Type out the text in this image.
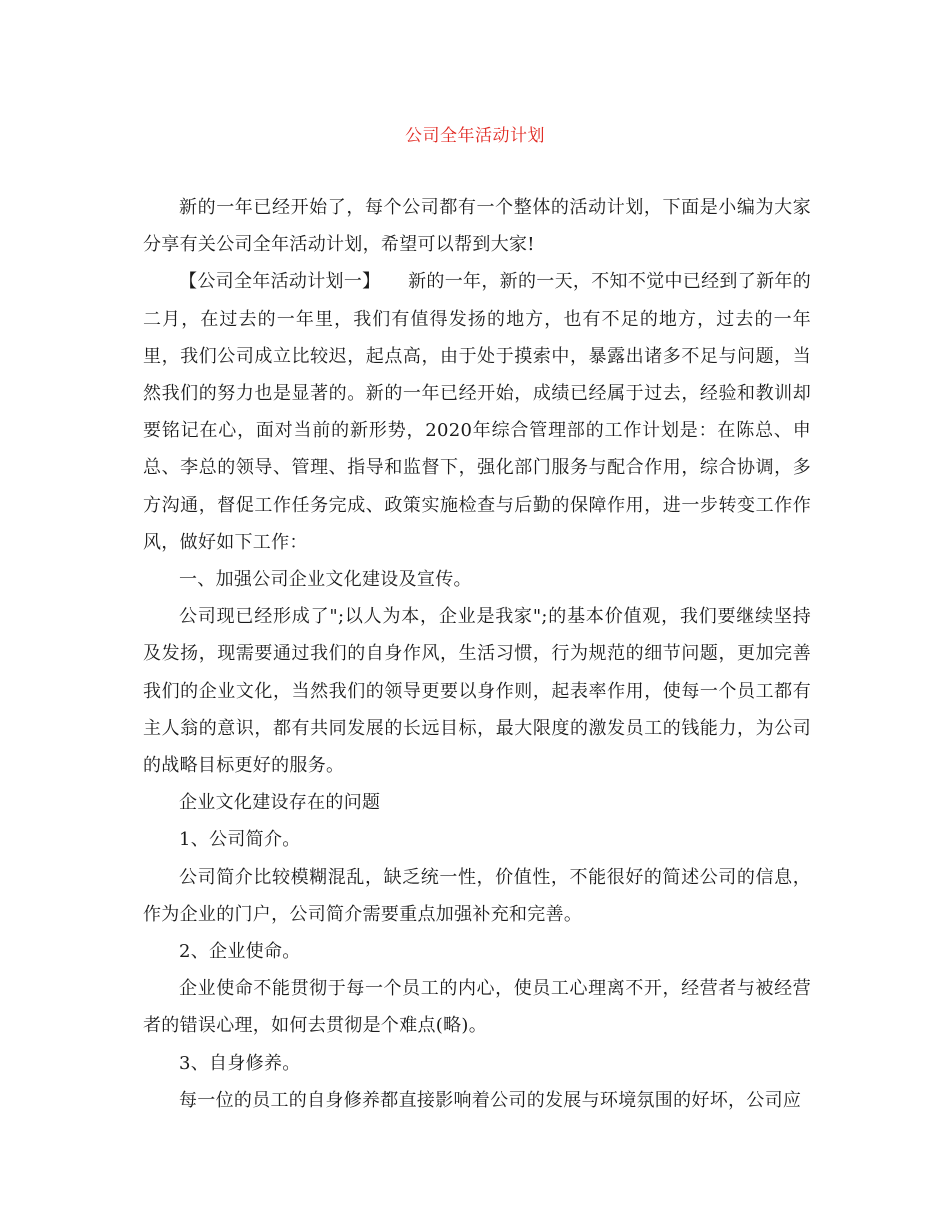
公司全年活动计划

新的一年已经开始了，每个公司都有一个整体的活动计划，下面是小编为大家分享有关公司全年活动计划，希望可以帮到大家!

【公司全年活动计划一】　　新的一年，新的一天，不知不觉中已经到了新年的二月，在过去的一年里，我们有值得发扬的地方，也有不足的地方，过去的一年里，我们公司成立比较迟，起点高，由于处于摸索中，暴露出诸多不足与问题，当然我们的努力也是显著的。新的一年已经开始，成绩已经属于过去，经验和教训却要铭记在心，面对当前的新形势，2020年综合管理部的工作计划是：在陈总、申总、李总的领导、管理、指导和监督下，强化部门服务与配合作用，综合协调，多方沟通，督促工作任务完成、政策实施检查与后勤的保障作用，进一步转变工作作风，做好如下工作：

一、加强公司企业文化建设及宣传。

公司现已经形成了";以人为本，企业是我家";的基本价值观，我们要继续坚持及发扬，现需要通过我们的自身作风，生活习惯，行为规范的细节问题，更加完善我们的企业文化，当然我们的领导更要以身作则，起表率作用，使每一个员工都有主人翁的意识，都有共同发展的长远目标，最大限度的激发员工的钱能力，为公司的战略目标更好的服务。

企业文化建设存在的问题

1、公司简介。

公司简介比较模糊混乱，缺乏统一性，价值性，不能很好的简述公司的信息，作为企业的门户，公司简介需要重点加强补充和完善。

2、企业使命。

企业使命不能贯彻于每一个员工的内心，使员工心理离不开，经营者与被经营者的错误心理，如何去贯彻是个难点(略)。

3、自身修养。

每一位的员工的自身修养都直接影响着公司的发展与环境氛围的好坏，公司应
